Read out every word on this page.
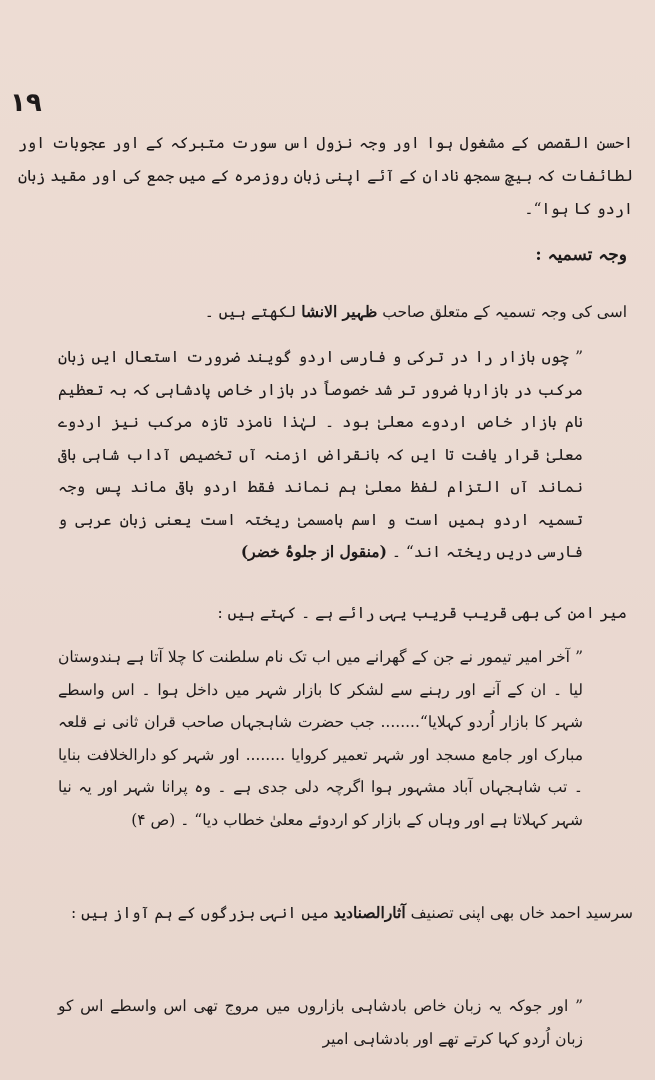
۱۹

احسن القصص کے مشغول ہوا اور وجہ نزول اس سورت متبرکہ کے اور عجوبات اور لطائفات کہ بیچ سمجھ نادان کے آئے اپنی زبان روزمرہ کے میں جمع کی اور مقید زبان اردو کا ہوا“۔

وجہ تسمیہ :

اسی کی وجہ تسمیہ کے متعلق صاحب ظہیر الانشا لکھتے ہیں ۔

” چوں بازار را در ترکی و فارسی اردو گویند ضرورت استعال ایں زبان مرکب در بازارہا ضرور تر شد خصوصاً در بازار خاص پادشاہی کہ بہ تعظیم نام بازار خاص اردوے معلیٰ بود ۔ لہٰذا نامزد تازہ مرکب نیز اردوے معلیٰ قرار یافت تا ایں کہ بانقراض ازمنہ آں تخصیص آداب شاہی باقی نماند آں التزام لفظ معلیٰ ہم نماند فقط اردو باقی ماند پس وجہ تسمیہ اردو ہمیں است و اسم بامسمیٰ ریختہ است یعنی زبان عربی و فارسی دریں ریختہ اند“ ۔ (منقول از جلوۂ خضر)

میر امن کی بھی قریب قریب یہی رائے ہے ۔ کہتے ہیں :

” آخر امیر تیمور نے جن کے گھرانے میں اب تک نام سلطنت کا چلا آتا ہے ہندوستان لیا ۔ ان کے آنے اور رہنے سے لشکر کا بازار شہر میں داخل ہوا ۔ اس واسطے شہر کا بازار اُردو کہلایا“........ جب حضرت شاہجہاں صاحب قران ثانی نے قلعہ مبارک اور جامع مسجد اور شہر تعمیر کروایا ........ اور شہر کو دارالخلافت بنایا ۔ تب شاہجہاں آباد مشہور ہوا اگرچہ دلی جدی ہے ۔ وہ پرانا شہر اور یہ نیا شہر کہلاتا ہے اور وہاں کے بازار کو اردوئے معلیٰ خطاب دیا“ ۔ (ص ۴)

سرسید احمد خاں بھی اپنی تصنیف آثارالصنادید میں انہی بزرگوں کے ہم آواز ہیں :

” اور جوکہ یہ زبان خاص بادشاہی بازاروں میں مروج تھی اس واسطے اس کو زبان اُردو کہا کرتے تھے اور بادشاہی امیر
